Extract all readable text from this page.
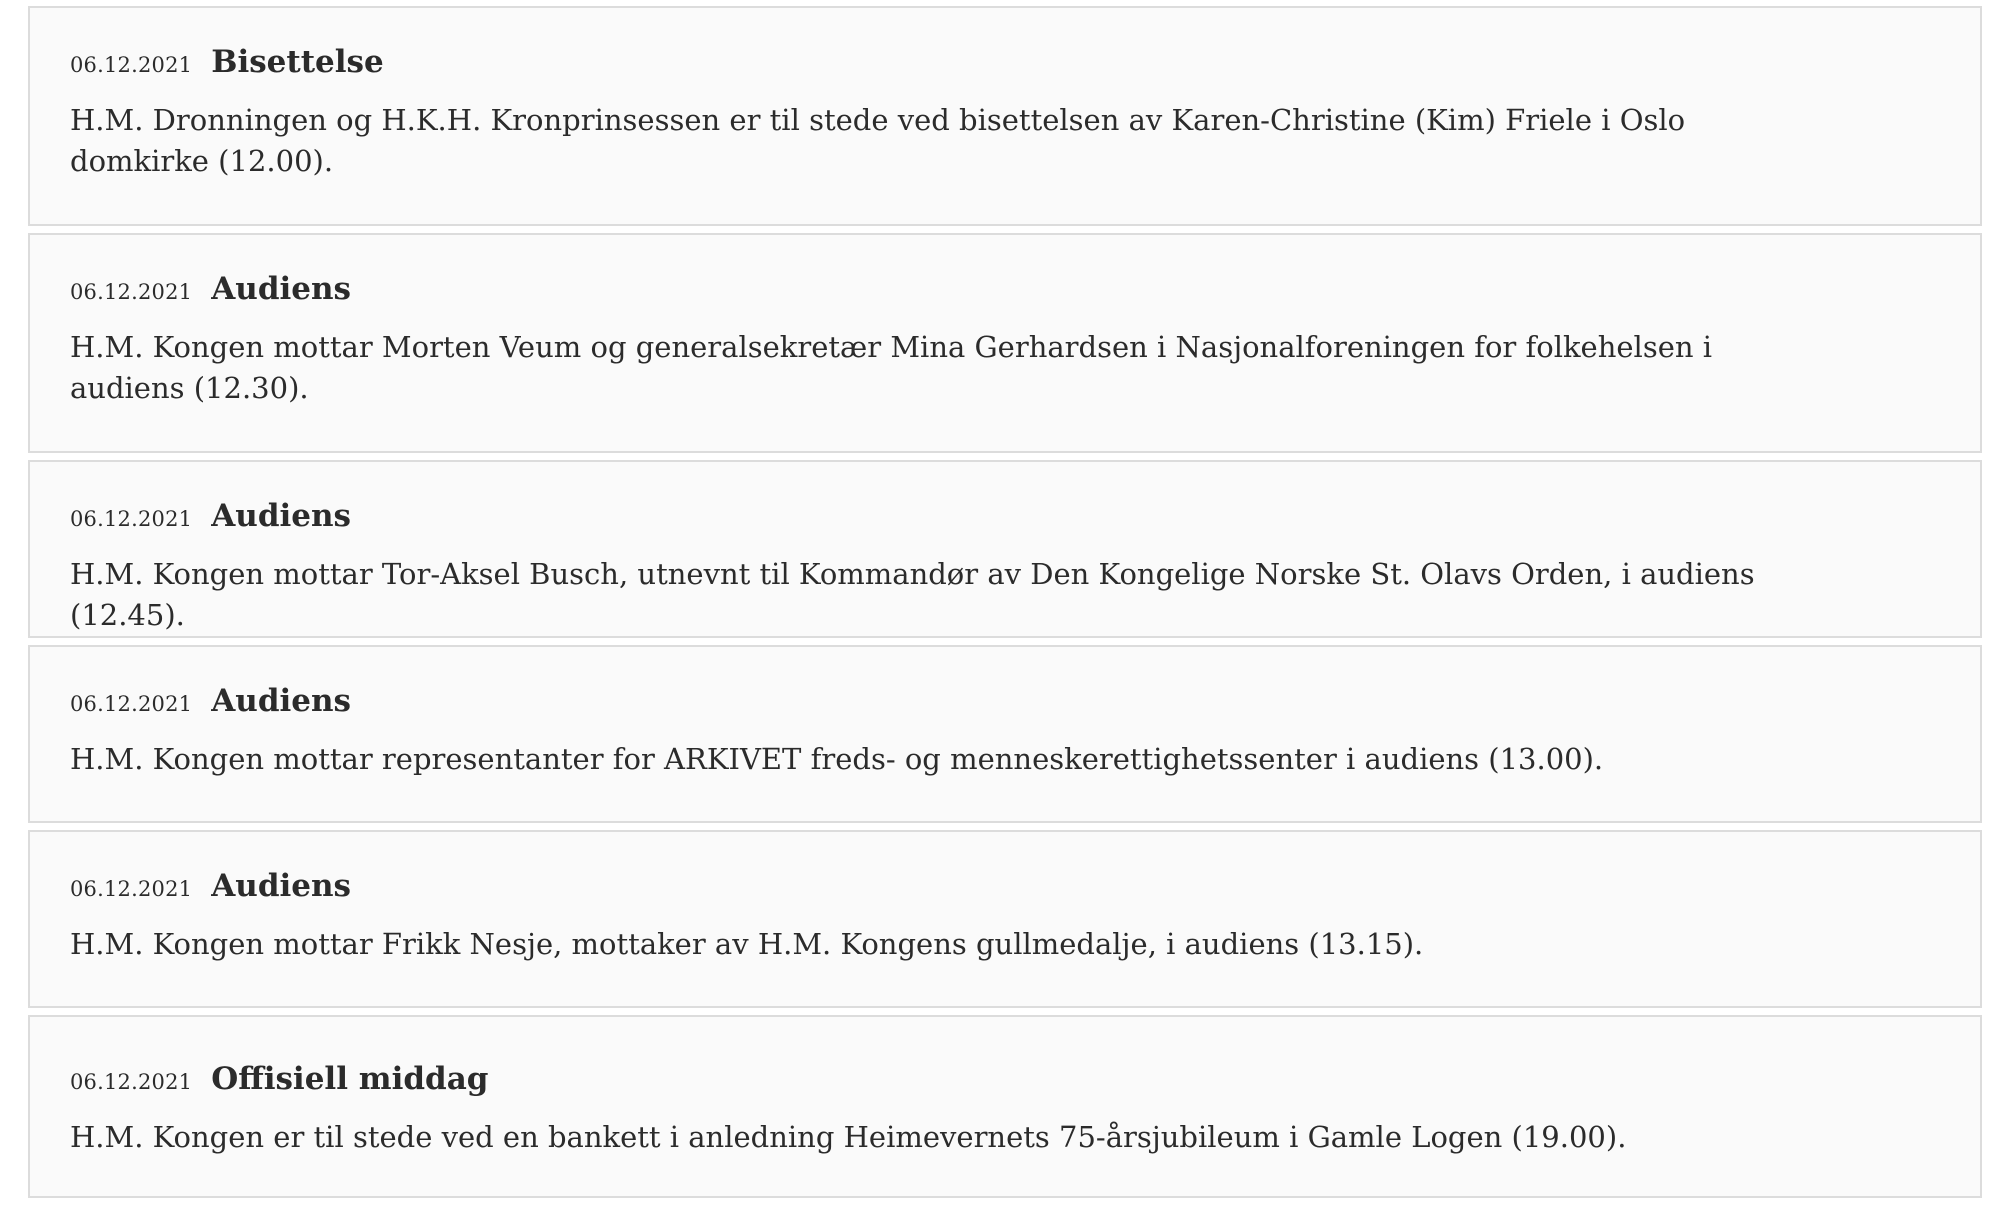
06.12.2021 Bisettelse
H.M. Dronningen og H.K.H. Kronprinsessen er til stede ved bisettelsen av Karen-Christine (Kim) Friele i Oslo domkirke (12.00).
06.12.2021 Audiens
H.M. Kongen mottar Morten Veum og generalsekretær Mina Gerhardsen i Nasjonalforeningen for folkehelsen i audiens (12.30).
06.12.2021 Audiens
H.M. Kongen mottar Tor-Aksel Busch, utnevnt til Kommandør av Den Kongelige Norske St. Olavs Orden, i audiens (12.45).
06.12.2021 Audiens
H.M. Kongen mottar representanter for ARKIVET freds- og menneskerettighetssenter i audiens (13.00).
06.12.2021 Audiens
H.M. Kongen mottar Frikk Nesje, mottaker av H.M. Kongens gullmedalje, i audiens (13.15).
06.12.2021 Offisiell middag
H.M. Kongen er til stede ved en bankett i anledning Heimevernets 75-årsjubileum i Gamle Logen (19.00).
